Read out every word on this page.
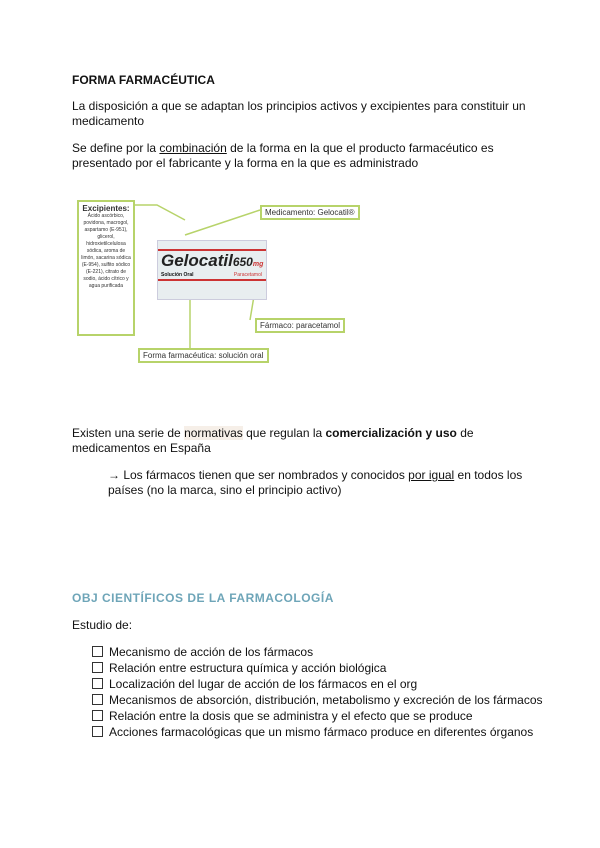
FORMA FARMACÉUTICA

La disposición a que se adaptan los principios activos y excipientes para constituir un medicamento

Se define por la combinación de la forma en la que el producto farmacéutico es presentado por el fabricante y la forma en la que es administrado

Excipientes:
Ácido ascórbico, povidona, macrogol, aspartamo (E-951), glicerol, hidroxietilcelulosa sódica, aroma de limón, sacarina sódica (E-954), sulfito sódico (E-221), citrato de sodio, ácido cítrico y agua purificada
Medicamento: Gelocatil®
Gelocatil650mg
Solución Oral	Paracetamol
Fármaco: paracetamol
Forma farmacéutica: solución oral

Existen una serie de normativas que regulan la comercialización y uso de medicamentos en España

→ Los fármacos tienen que ser nombrados y conocidos por igual en todos los países (no la marca, sino el principio activo)

OBJ CIENTÍFICOS DE LA FARMACOLOGÍA

Estudio de:

Mecanismo de acción de los fármacos
Relación entre estructura química y acción biológica
Localización del lugar de acción de los fármacos en el org
Mecanismos de absorción, distribución, metabolismo y excreción de los fármacos
Relación entre la dosis que se administra y el efecto que se produce
Acciones farmacológicas que un mismo fármaco produce en diferentes órganos
